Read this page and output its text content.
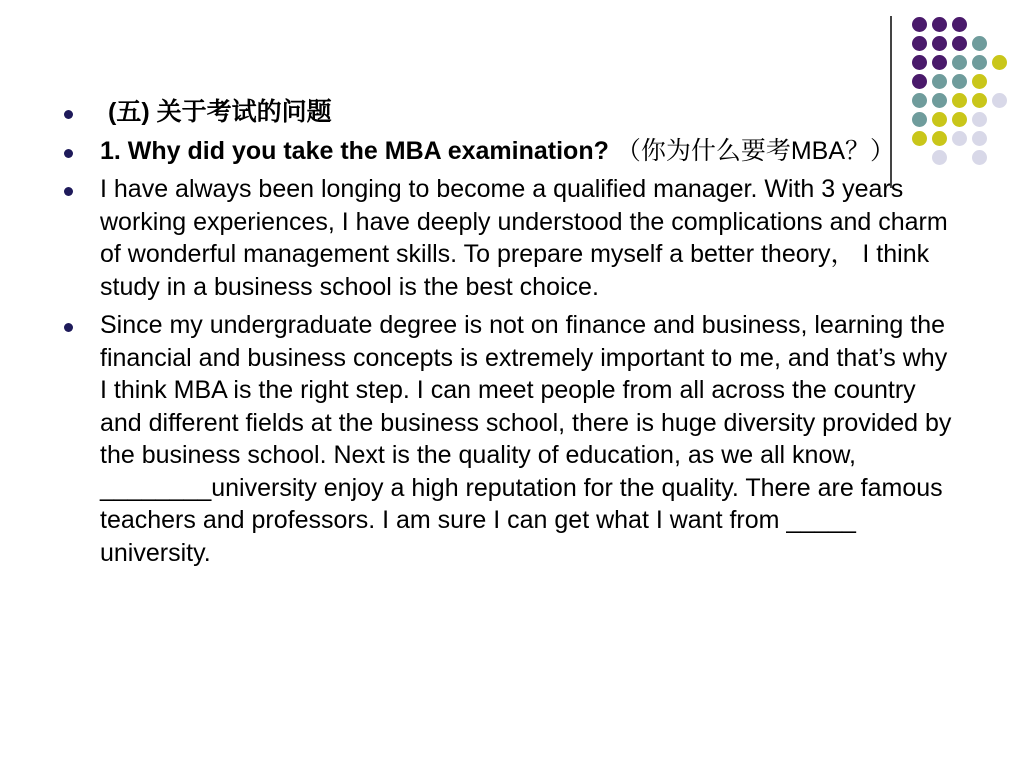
(五) 关于考试的问题
1. Why did you take the MBA examination? （你为什么要考MBA？）
I have always been longing to become a qualified manager. With 3 years working experiences, I have deeply understood the complications and charm of wonderful management skills. To prepare myself a better theory， I think study in a business school is the best choice.
Since my undergraduate degree is not on finance and business, learning the financial and business concepts is extremely important to me, and that’s why I think MBA is the right step. I can meet people from all across the country and different fields at the business school, there is huge diversity provided by the business school. Next is the quality of education, as we all know, ________university enjoy a high reputation for the quality. There are famous teachers and professors. I am sure I can get what I want from _____ university.
